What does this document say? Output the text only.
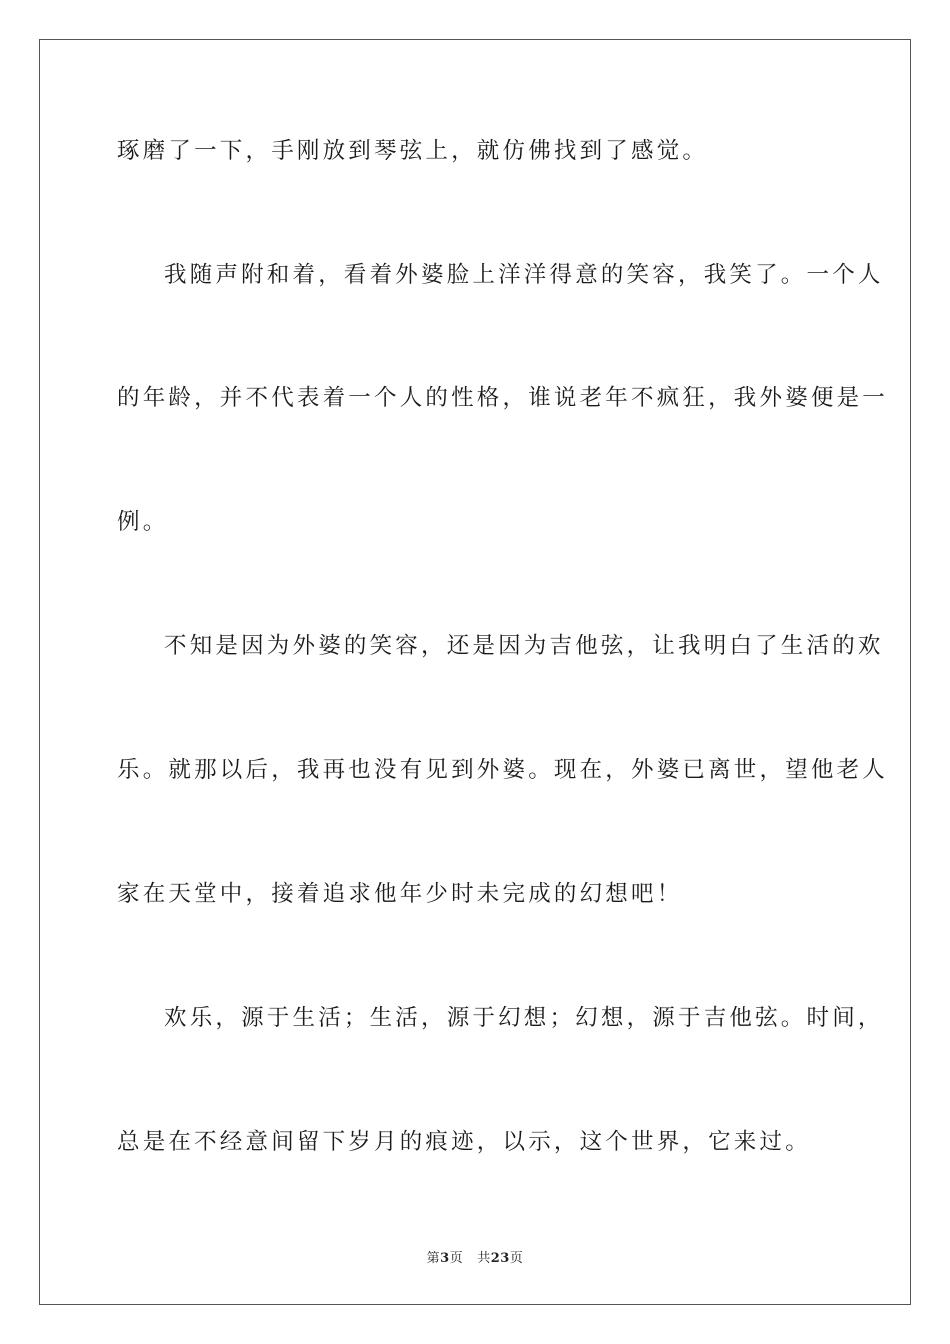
琢磨了一下，手刚放到琴弦上，就仿佛找到了感觉。
我随声附和着，看着外婆脸上洋洋得意的笑容，我笑了。一个人
的年龄，并不代表着一个人的性格，谁说老年不疯狂，我外婆便是一
例。
不知是因为外婆的笑容，还是因为吉他弦，让我明白了生活的欢
乐。就那以后，我再也没有见到外婆。现在，外婆已离世，望他老人
家在天堂中，接着追求他年少时未完成的幻想吧！
欢乐，源于生活；生活，源于幻想；幻想，源于吉他弦。时间，
总是在不经意间留下岁月的痕迹，以示，这个世界，它来过。
第3页 共23页
